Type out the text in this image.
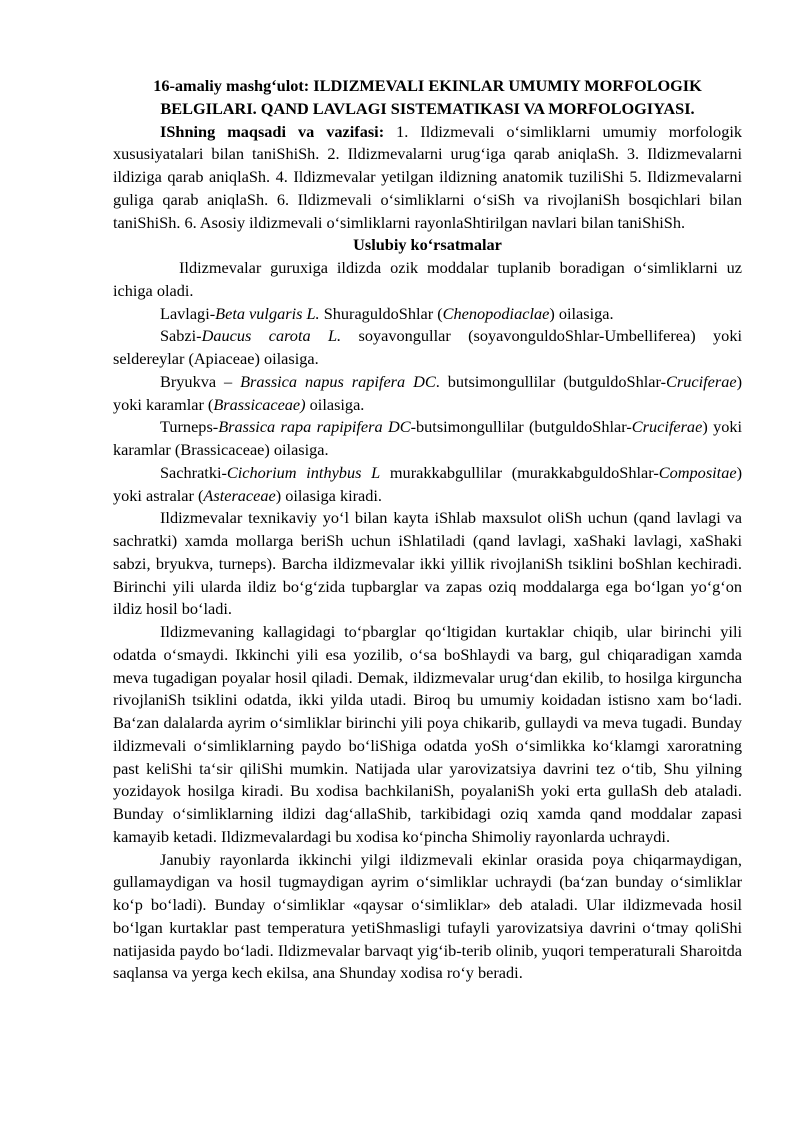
16-amaliy mashg‘ulot: ILDIZMEVALI EKINLAR UMUMIY MORFOLOGIK
BELGILARI. QAND LAVLAGI SISTEMATIKASI VA MORFOLOGIYASI.

IShning maqsadi va vazifasi: 1. Ildizmevali o‘simliklarni umumiy morfologik xususiyatalari bilan taniShiSh. 2. Ildizmevalarni urug‘iga qarab aniqlaSh. 3. Ildizmevalarni ildiziga qarab aniqlaSh. 4. Ildizmevalar yetilgan ildizning anatomik tuziliShi 5. Ildizmevalarni guliga qarab aniqlaSh. 6. Ildizmevali o‘simliklarni o‘siSh va rivojlaniSh bosqichlari bilan taniShiSh. 6. Asosiy ildizmevali o‘simliklarni rayonlaShtirilgan navlari bilan taniShiSh.

Uslubiy ko‘rsatmalar

Ildizmevalar guruxiga ildizda ozik moddalar tuplanib boradigan o‘simliklarni uz ichiga oladi.

Lavlagi-Beta vulgaris L. ShuraguldoShlar (Chenopodiaclae) oilasiga.

Sabzi-Daucus carota L. soyavongullar (soyavonguldoShlar-Umbelliferea) yoki seldereylar (Apiaceae) oilasiga.

Bryukva – Brassica napus rapifera DC. butsimongullilar (butguldoShlar-Cruciferae) yoki karamlar (Brassicaceae) oilasiga.

Turneps-Brassica rapa rapipifera DC-butsimongullilar (butguldoShlar-Cruciferae) yoki karamlar (Brassicaceae) oilasiga.

Sachratki-Cichorium inthybus L murakkabgullilar (murakkabguldoShlar-Compositae) yoki astralar (Asteraceae) oilasiga kiradi.

Ildizmevalar texnikaviy yo‘l bilan kayta iShlab maxsulot oliSh uchun (qand lavlagi va sachratki) xamda mollarga beriSh uchun iShlatiladi (qand lavlagi, xaShaki lavlagi, xaShaki sabzi, bryukva, turneps). Barcha ildizmevalar ikki yillik rivojlaniSh tsiklini boShlan kechiradi. Birinchi yili ularda ildiz bo‘g‘zida tupbarglar va zapas oziq moddalarga ega bo‘lgan yo‘g‘on ildiz hosil bo‘ladi.

Ildizmevaning kallagidagi to‘pbarglar qo‘ltigidan kurtaklar chiqib, ular birinchi yili odatda o‘smaydi. Ikkinchi yili esa yozilib, o‘sa boShlaydi va barg, gul chiqaradigan xamda meva tugadigan poyalar hosil qiladi. Demak, ildizmevalar urug‘dan ekilib, to hosilga kirguncha rivojlaniSh tsiklini odatda, ikki yilda utadi. Biroq bu umumiy koidadan istisno xam bo‘ladi. Ba‘zan dalalarda ayrim o‘simliklar birinchi yili poya chikarib, gullaydi va meva tugadi. Bunday ildizmevali o‘simliklarning paydo bo‘liShiga odatda yoSh o‘simlikka ko‘klamgi xaroratning past keliShi ta‘sir qiliShi mumkin. Natijada ular yarovizatsiya davrini tez o‘tib, Shu yilning yozidayok hosilga kiradi. Bu xodisa bachkilaniSh, poyalaniSh yoki erta gullaSh deb ataladi. Bunday o‘simliklarning ildizi dag‘allaShib, tarkibidagi oziq xamda qand moddalar zapasi kamayib ketadi. Ildizmevalardagi bu xodisa ko‘pincha Shimoliy rayonlarda uchraydi.

Janubiy rayonlarda ikkinchi yilgi ildizmevali ekinlar orasida poya chiqarmaydigan, gullamaydigan va hosil tugmaydigan ayrim o‘simliklar uchraydi (ba‘zan bunday o‘simliklar ko‘p bo‘ladi). Bunday o‘simliklar «qaysar o‘simliklar» deb ataladi. Ular ildizmevada hosil bo‘lgan kurtaklar past temperatura yetiShmasligi tufayli yarovizatsiya davrini o‘tmay qoliShi natijasida paydo bo‘ladi. Ildizmevalar barvaqt yig‘ib-terib olinib, yuqori temperaturali Sharoitda saqlansa va yerga kech ekilsa, ana Shunday xodisa ro‘y beradi.
